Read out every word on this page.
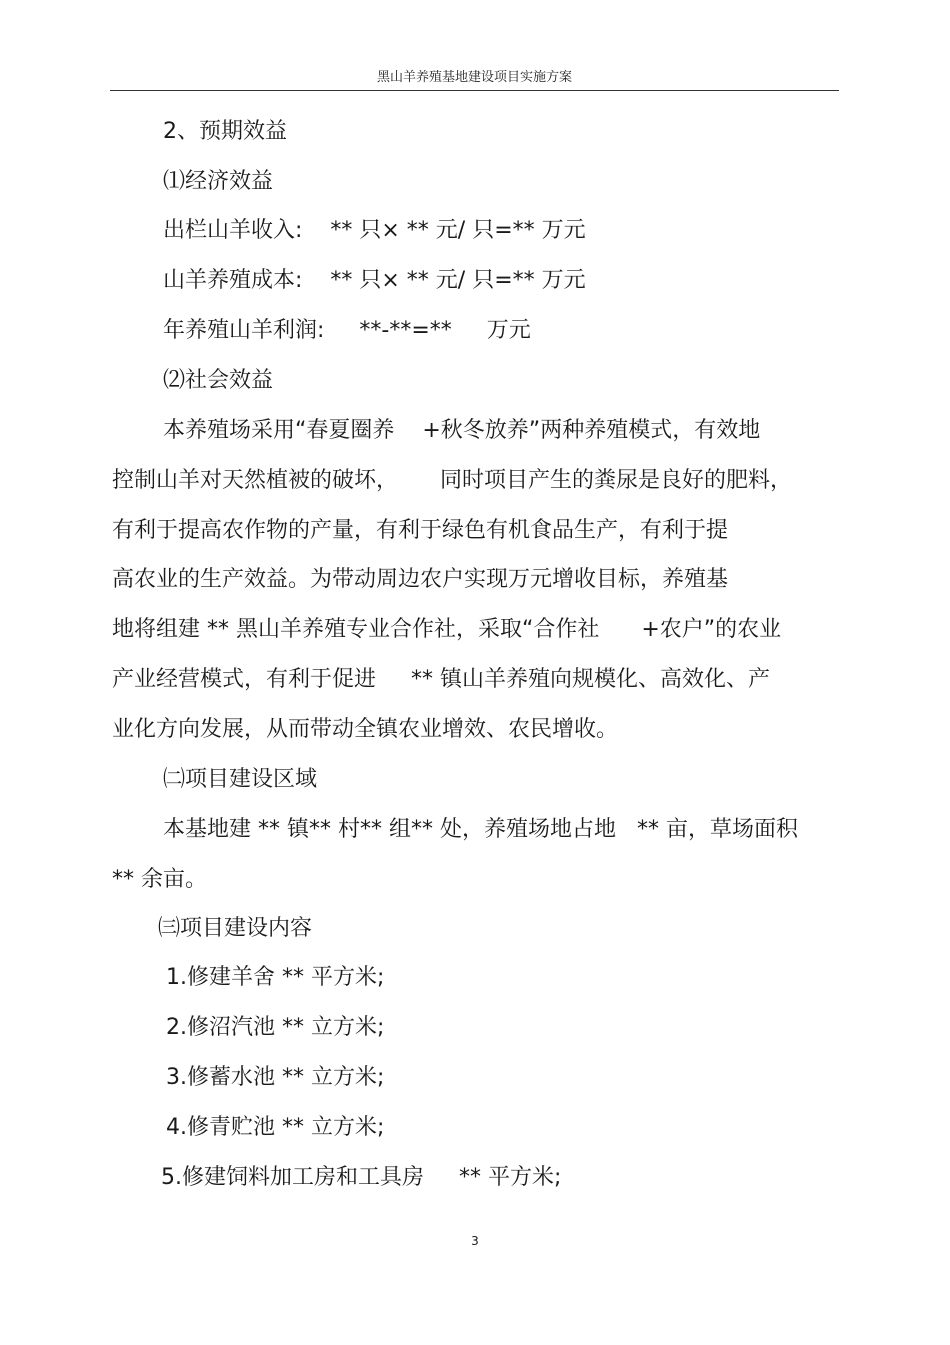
黑山羊养殖基地建设项目实施方案
2、预期效益
⑴经济效益
出栏山羊收入:    ** 只× ** 元/ 只=** 万元
山羊养殖成本:    ** 只× ** 元/ 只=** 万元
年养殖山羊利润:     **-**=**     万元
⑵社会效益
本养殖场采用“春夏圈养    +秋冬放养”两种养殖模式，有效地
控制山羊对天然植被的破坏，      同时项目产生的粪尿是良好的肥料，
有利于提高农作物的产量，有利于绿色有机食品生产，有利于提
高农业的生产效益。为带动周边农户实现万元增收目标，养殖基
地将组建 ** 黑山羊养殖专业合作社，采取“合作社      +农户”的农业
产业经营模式，有利于促进     ** 镇山羊养殖向规模化、高效化、产
业化方向发展，从而带动全镇农业增效、农民增收。
㈡项目建设区域
本基地建 ** 镇** 村** 组** 处，养殖场地占地   ** 亩，草场面积
** 余亩。
㈢项目建设内容
1.修建羊舍 ** 平方米;
2.修沼汽池 ** 立方米;
3.修蓄水池 ** 立方米;
4.修青贮池 ** 立方米;
5.修建饲料加工房和工具房     ** 平方米;
3
